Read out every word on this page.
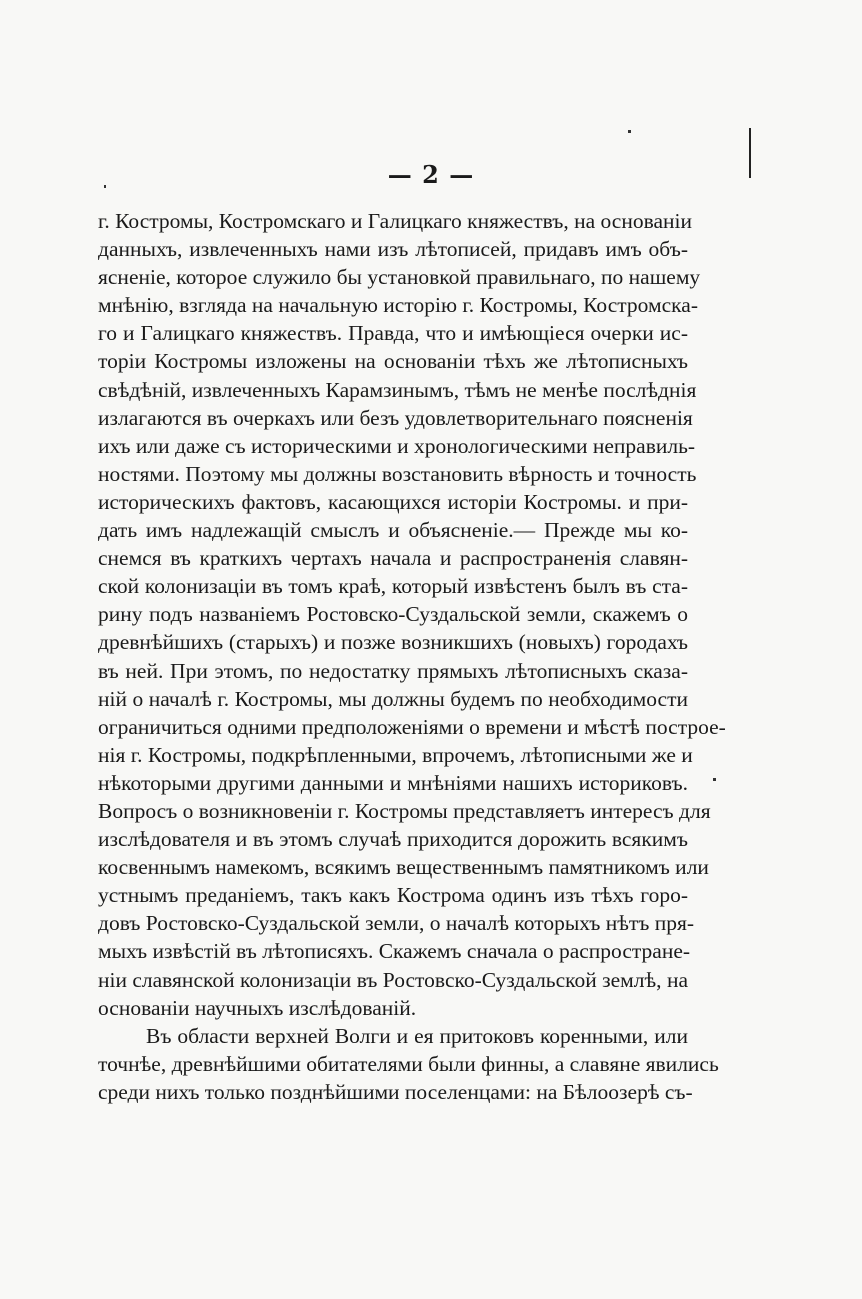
— 2 —
г. Костромы, Костромскаго и Галицкаго княжествъ, на основаніи
данныхъ, извлеченныхъ нами изъ лѣтописей, придавъ имъ объ-
ясненіе, которое служило бы установкой правильнаго, по нашему
мнѣнію, взгляда на начальную исторію г. Костромы, Костромска-
го и Галицкаго княжествъ. Правда, что и имѣющіеся очерки ис-
торіи Костромы изложены на основаніи тѣхъ же лѣтописныхъ
свѣдѣній, извлеченныхъ Карамзинымъ, тѣмъ не менѣе послѣднія
излагаются въ очеркахъ или безъ удовлетворительнаго поясненія
ихъ или даже съ историческими и хронологическими неправиль-
ностями. Поэтому мы должны возстановить вѣрность и точность
историческихъ фактовъ, касающихся исторіи Костромы. и при-
дать имъ надлежащій смыслъ и объясненіе.— Прежде мы ко-
снемся въ краткихъ чертахъ начала и распространенія славян-
ской колонизаціи въ томъ краѣ, который извѣстенъ былъ въ ста-
рину подъ названіемъ Ростовско-Суздальской земли, скажемъ о
древнѣйшихъ (старыхъ) и позже возникшихъ (новыхъ) городахъ
въ ней. При этомъ, по недостатку прямыхъ лѣтописныхъ сказа-
ній о началѣ г. Костромы, мы должны будемъ по необходимости
ограничиться одними предположеніями о времени и мѣстѣ построе-
нія г. Костромы, подкрѣпленными, впрочемъ, лѣтописными же и
нѣкоторыми другими данными и мнѣніями нашихъ историковъ.
Вопросъ о возникновеніи г. Костромы представляетъ интересъ для
изслѣдователя и въ этомъ случаѣ приходится дорожить всякимъ
косвеннымъ намекомъ, всякимъ вещественнымъ памятникомъ или
устнымъ преданіемъ, такъ какъ Кострома одинъ изъ тѣхъ горо-
довъ Ростовско-Суздальской земли, о началѣ которыхъ нѣтъ пря-
мыхъ извѣстій въ лѣтописяхъ. Скажемъ сначала о распростране-
ніи славянской колонизаціи въ Ростовско-Суздальской землѣ, на
основаніи научныхъ изслѣдованій.
Въ области верхней Волги и ея притоковъ коренными, или
точнѣе, древнѣйшими обитателями были финны, а славяне явились
среди нихъ только позднѣйшими поселенцами: на Бѣлоозерѣ съ-
